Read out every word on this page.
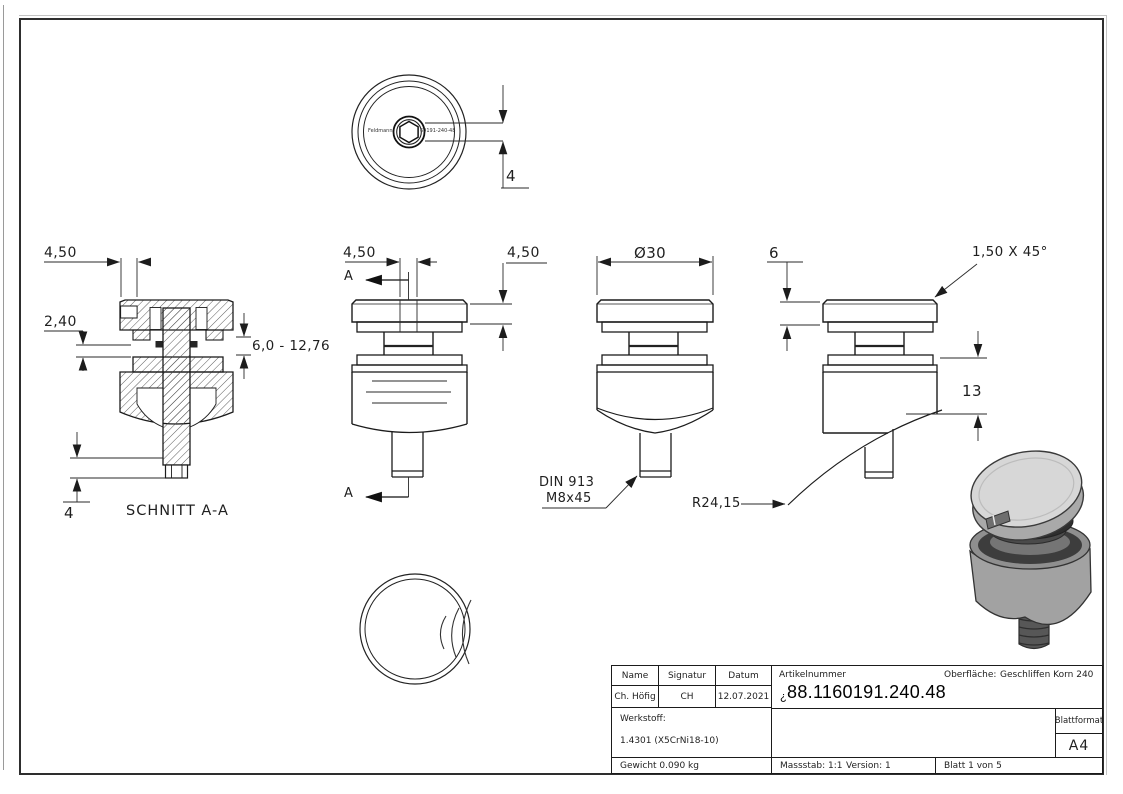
4
Feldmann	60191-240-48
4,50
2,40
6,0 - 12,76
4	SCHNITT A-A
A
A
4,50	4,50	Ø30
DIN 913
M8x45
6	1,50 X 45°
13
R24,15
Name Signatur Datum
Ch. Höfig	CH	12.07.2021
Artikelnummer	Oberfläche: Geschliffen Korn 240
¿88.1160191.240.48
Werkstoff:
1.4301 (X5CrNi18-10)
Blattformat
A4
Gewicht 0.090 kg	Massstab: 1:1 Version: 1	Blatt 1 von 5
